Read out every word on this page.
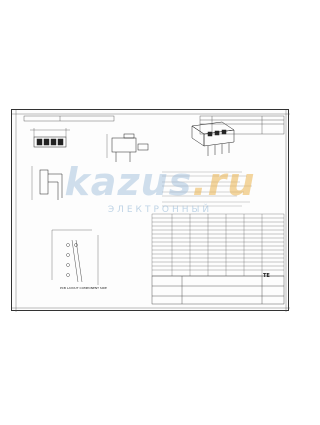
kazus.ru
ЭЛЕКТРОННЫЙ
PCB LAYOUT COMPONENT SIDE
TE
